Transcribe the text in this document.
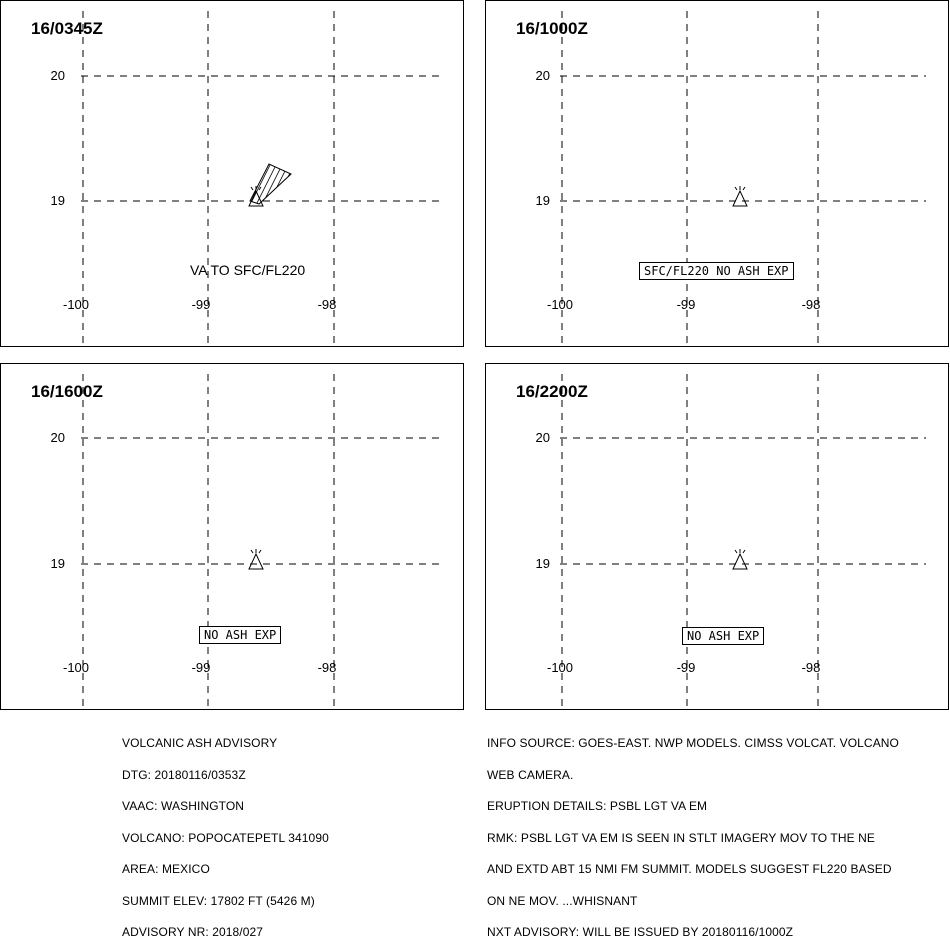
16/0345Z
20
19
-100	-99	-98
VA TO SFC/FL220
16/1000Z
20
19
-100	-99	-98
SFC/FL220 NO ASH EXP
16/1600Z
20
19
-100	-99	-98
NO ASH EXP
16/2200Z
20
19
-100	-99	-98
NO ASH EXP

VOLCANIC ASH ADVISORY

DTG: 20180116/0353Z

VAAC: WASHINGTON

VOLCANO: POPOCATEPETL 341090

AREA: MEXICO

SUMMIT ELEV: 17802 FT (5426 M)

ADVISORY NR: 2018/027

INFO SOURCE: GOES-EAST. NWP MODELS. CIMSS VOLCAT. VOLCANO

WEB CAMERA.

ERUPTION DETAILS: PSBL LGT VA EM

RMK: PSBL LGT VA EM IS SEEN IN STLT IMAGERY MOV TO THE NE

AND EXTD ABT 15 NMI FM SUMMIT. MODELS SUGGEST FL220 BASED

ON NE MOV. ...WHISNANT

NXT ADVISORY: WILL BE ISSUED BY 20180116/1000Z
